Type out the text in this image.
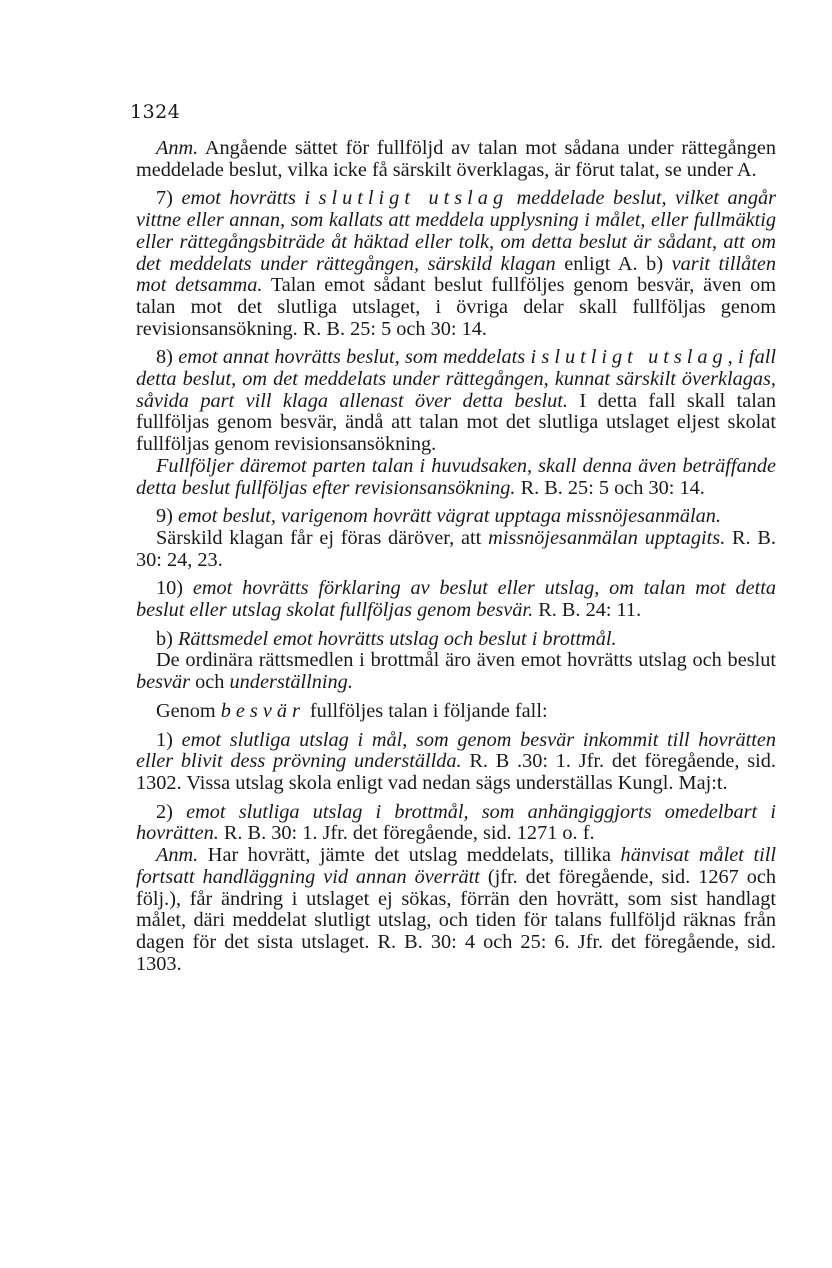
1324

Anm. Angående sättet för fullföljd av talan mot sådana under rättegången meddelade beslut, vilka icke få särskilt överklagas, är förut talat, se under A.

7) emot hovrätts i slutligt utslag meddelade beslut, vilket angår vittne eller annan, som kallats att meddela upplysning i målet, eller fullmäktig eller rättegångsbiträde åt häktad eller tolk, om detta beslut är sådant, att om det meddelats under rättegången, särskild klagan enligt A. b) varit tillåten mot detsamma. Talan emot sådant beslut fullföljes genom besvär, även om talan mot det slutliga utslaget, i övriga delar skall fullföljas genom revisionsansökning. R. B. 25: 5 och 30: 14.

8) emot annat hovrätts beslut, som meddelats i slutligt utslag, i fall detta beslut, om det meddelats under rättegången, kunnat särskilt överklagas, såvida part vill klaga allenast över detta beslut. I detta fall skall talan fullföljas genom besvär, ändå att talan mot det slutliga utslaget eljest skolat fullföljas genom revisionsansökning.

Fullföljer däremot parten talan i huvudsaken, skall denna även beträffande detta beslut fullföljas efter revisionsansökning. R. B. 25: 5 och 30: 14.

9) emot beslut, varigenom hovrätt vägrat upptaga missnöjesanmälan.

Särskild klagan får ej föras däröver, att missnöjesanmälan upptagits. R. B. 30: 24, 23.

10) emot hovrätts förklaring av beslut eller utslag, om talan mot detta beslut eller utslag skolat fullföljas genom besvär. R. B. 24: 11.

b) Rättsmedel emot hovrätts utslag och beslut i brottmål.

De ordinära rättsmedlen i brottmål äro även emot hovrätts utslag och beslut besvär och underställning.

Genom besvär fullföljes talan i följande fall:

1) emot slutliga utslag i mål, som genom besvär inkommit till hovrätten eller blivit dess prövning underställda. R. B .30: 1. Jfr. det föregående, sid. 1302. Vissa utslag skola enligt vad nedan sägs underställas Kungl. Maj:t.

2) emot slutliga utslag i brottmål, som anhängiggjorts omedelbart i hovrätten. R. B. 30: 1. Jfr. det föregående, sid. 1271 o. f.

Anm. Har hovrätt, jämte det utslag meddelats, tillika hänvisat målet till fortsatt handläggning vid annan överrätt (jfr. det föregående, sid. 1267 och följ.), får ändring i utslaget ej sökas, förrän den hovrätt, som sist handlagt målet, däri meddelat slutligt utslag, och tiden för talans fullföljd räknas från dagen för det sista utslaget. R. B. 30: 4 och 25: 6. Jfr. det föregående, sid. 1303.
